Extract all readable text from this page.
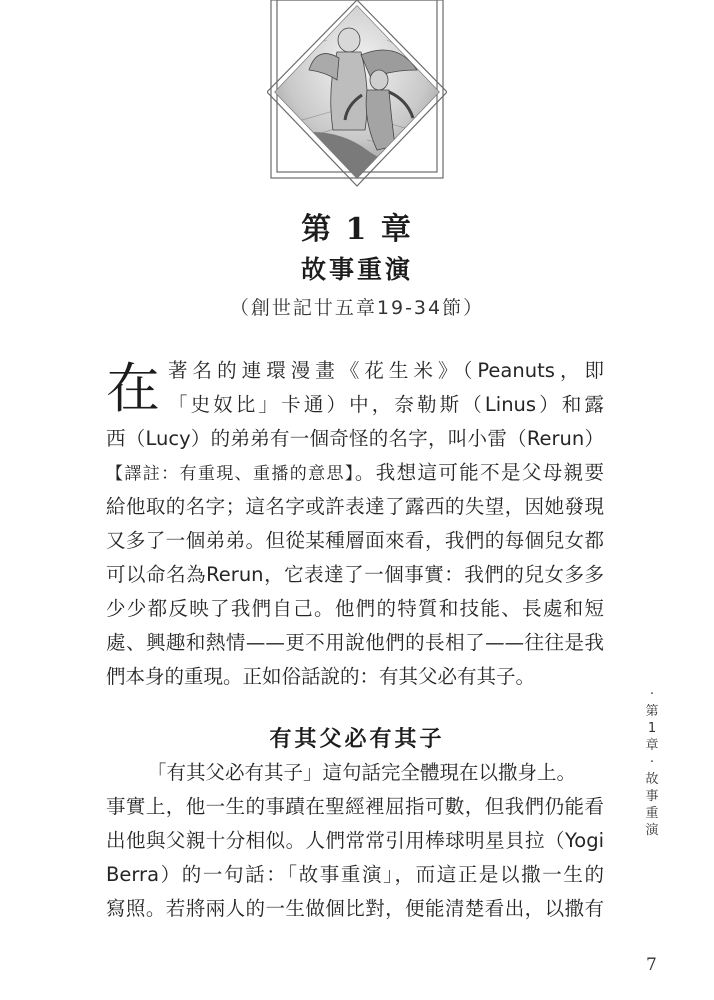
第 1 章
故事重演
（創世記廿五章19-34節）
在 著名的連環漫畫《花生米》（Peanuts，即
「史奴比」卡通）中，奈勒斯（Linus）和露
西（Lucy）的弟弟有一個奇怪的名字，叫小雷（Rerun）
【譯註：有重現、重播的意思】。我想這可能不是父母親要
給他取的名字；這名字或許表達了露西的失望，因她發現
又多了一個弟弟。但從某種層面來看，我們的每個兒女都
可以命名為Rerun，它表達了一個事實：我們的兒女多多
少少都反映了我們自己。他們的特質和技能、長處和短
處、興趣和熱情——更不用說他們的長相了——往往是我
們本身的重現。正如俗話說的：有其父必有其子。
有其父必有其子
「有其父必有其子」這句話完全體現在以撒身上。
事實上，他一生的事蹟在聖經裡屈指可數，但我們仍能看
出他與父親十分相似。人們常常引用棒球明星貝拉（Yogi
Berra）的一句話：「故事重演」，而這正是以撒一生的
寫照。若將兩人的一生做個比對，便能清楚看出，以撒有
·
第
1
章
·
故
事
重
演
7
